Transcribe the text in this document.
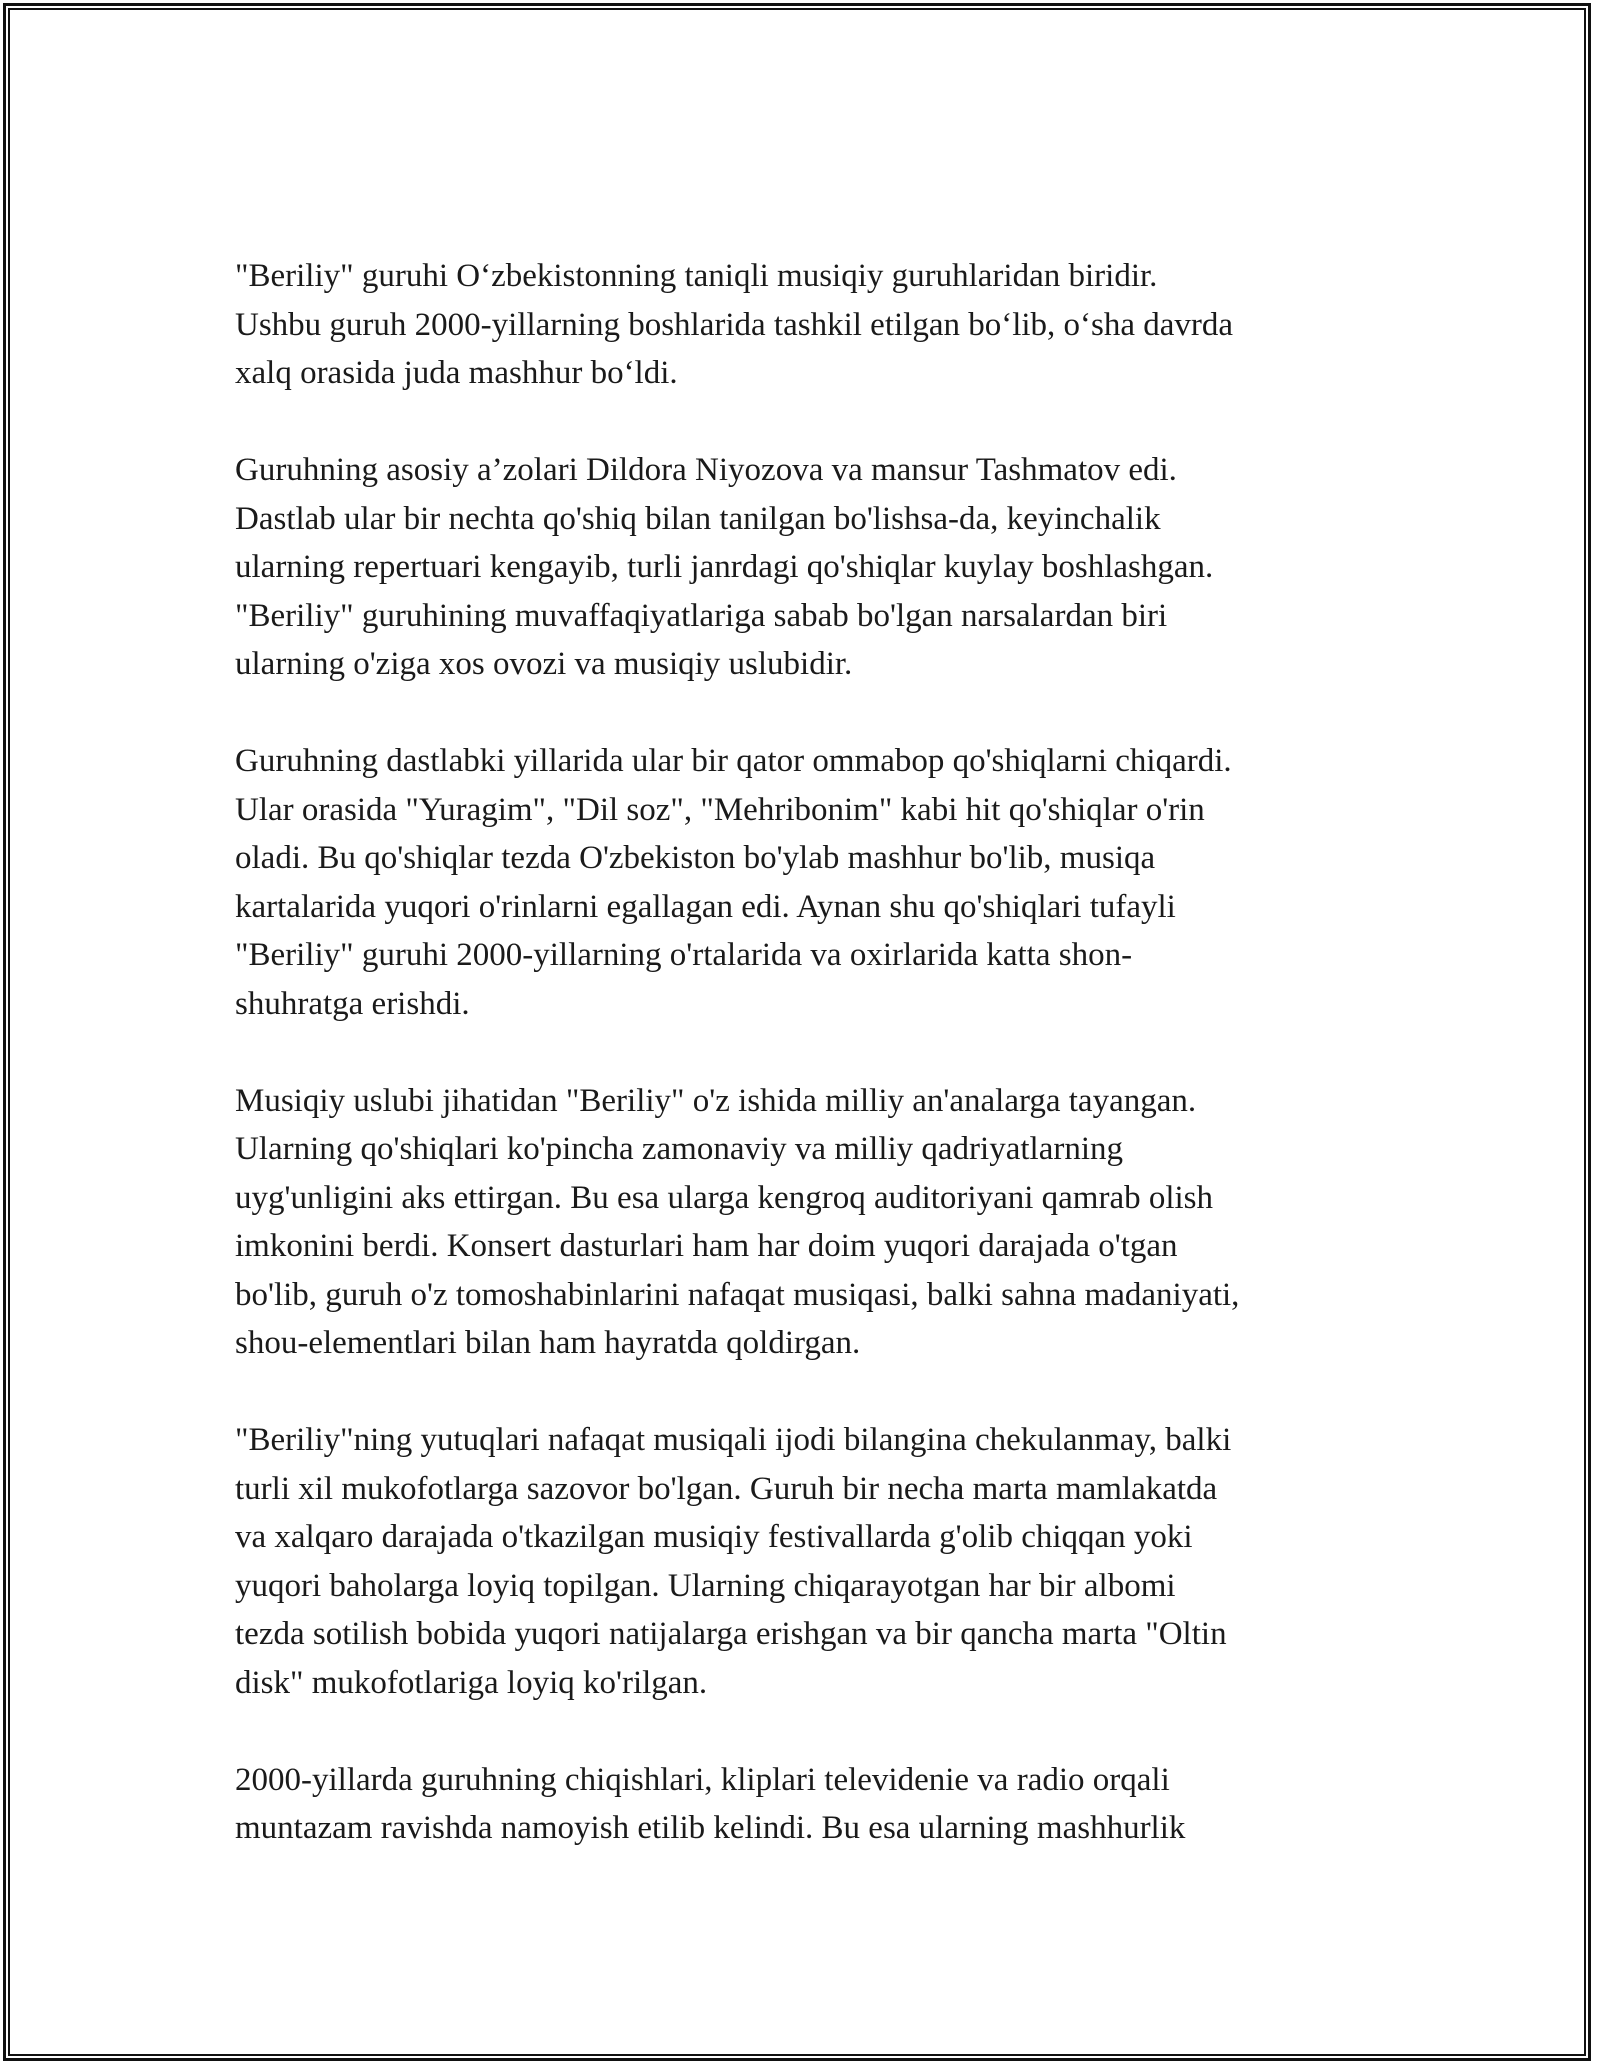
"Beriliy" guruhi O‘zbekistonning taniqli musiqiy guruhlaridan biridir.
Ushbu guruh 2000-yillarning boshlarida tashkil etilgan bo‘lib, o‘sha davrda
xalq orasida juda mashhur bo‘ldi.

Guruhning asosiy a’zolari Dildora Niyozova va mansur Tashmatov edi.
Dastlab ular bir nechta qo'shiq bilan tanilgan bo'lishsa-da, keyinchalik
ularning repertuari kengayib, turli janrdagi qo'shiqlar kuylay boshlashgan.
"Beriliy" guruhining muvaffaqiyatlariga sabab bo'lgan narsalardan biri
ularning o'ziga xos ovozi va musiqiy uslubidir.

Guruhning dastlabki yillarida ular bir qator ommabop qo'shiqlarni chiqardi.
Ular orasida "Yuragim", "Dil soz", "Mehribonim" kabi hit qo'shiqlar o'rin
oladi. Bu qo'shiqlar tezda O'zbekiston bo'ylab mashhur bo'lib, musiqa
kartalarida yuqori o'rinlarni egallagan edi. Aynan shu qo'shiqlari tufayli
"Beriliy" guruhi 2000-yillarning o'rtalarida va oxirlarida katta shon-
shuhratga erishdi.

Musiqiy uslubi jihatidan "Beriliy" o'z ishida milliy an'analarga tayangan.
Ularning qo'shiqlari ko'pincha zamonaviy va milliy qadriyatlarning
uyg'unligini aks ettirgan. Bu esa ularga kengroq auditoriyani qamrab olish
imkonini berdi. Konsert dasturlari ham har doim yuqori darajada o'tgan
bo'lib, guruh o'z tomoshabinlarini nafaqat musiqasi, balki sahna madaniyati,
shou-elementlari bilan ham hayratda qoldirgan.

"Beriliy"ning yutuqlari nafaqat musiqali ijodi bilangina chekulanmay, balki
turli xil mukofotlarga sazovor bo'lgan. Guruh bir necha marta mamlakatda
va xalqaro darajada o'tkazilgan musiqiy festivallarda g'olib chiqqan yoki
yuqori baholarga loyiq topilgan. Ularning chiqarayotgan har bir albomi
tezda sotilish bobida yuqori natijalarga erishgan va bir qancha marta "Oltin
disk" mukofotlariga loyiq ko'rilgan.

2000-yillarda guruhning chiqishlari, kliplari televidenie va radio orqali
muntazam ravishda namoyish etilib kelindi. Bu esa ularning mashhurlik
